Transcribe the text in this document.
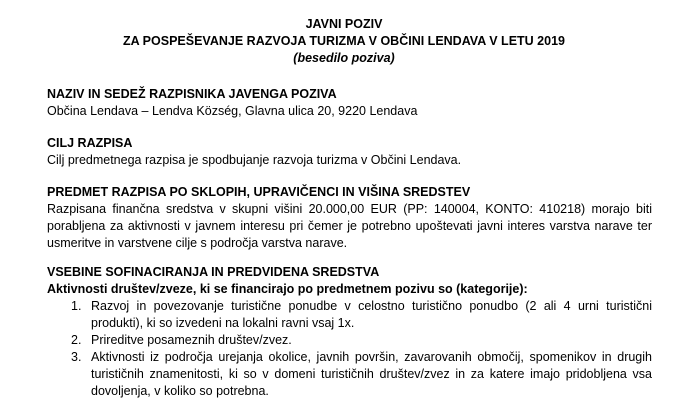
JAVNI POZIV
ZA POSPEŠEVANJE RAZVOJA TURIZMA V OBČINI LENDAVA V LETU 2019
(besedilo poziva)
NAZIV IN SEDEŽ RAZPISNIKA JAVENGA POZIVA

Občina Lendava – Lendva Község, Glavna ulica 20, 9220 Lendava

CILJ RAZPISA

Cilj predmetnega razpisa je spodbujanje razvoja turizma v Občini Lendava.

PREDMET RAZPISA PO SKLOPIH, UPRAVIČENCI IN VIŠINA SREDSTEV

Razpisana finančna sredstva v skupni višini 20.000,00 EUR (PP: 140004, KONTO: 410218) morajo biti porabljena za aktivnosti v javnem interesu pri čemer je potrebno upoštevati javni interes varstva narave ter usmeritve in varstvene cilje s področja varstva narave.

VSEBINE SOFINACIRANJA IN PREDVIDENA SREDSTVA

Aktivnosti društev/zveze, ki se financirajo po predmetnem pozivu so (kategorije):

1. Razvoj in povezovanje turistične ponudbe v celostno turistično ponudbo (2 ali 4 urni turistični produkti), ki so izvedeni na lokalni ravni vsaj 1x.
2. Prireditve posameznih društev/zvez.
3. Aktivnosti iz področja urejanja okolice, javnih površin, zavarovanih območij, spomenikov in drugih turističnih znamenitosti, ki so v domeni turističnih društev/zvez in za katere imajo pridobljena vsa dovoljenja, v koliko so potrebna.
